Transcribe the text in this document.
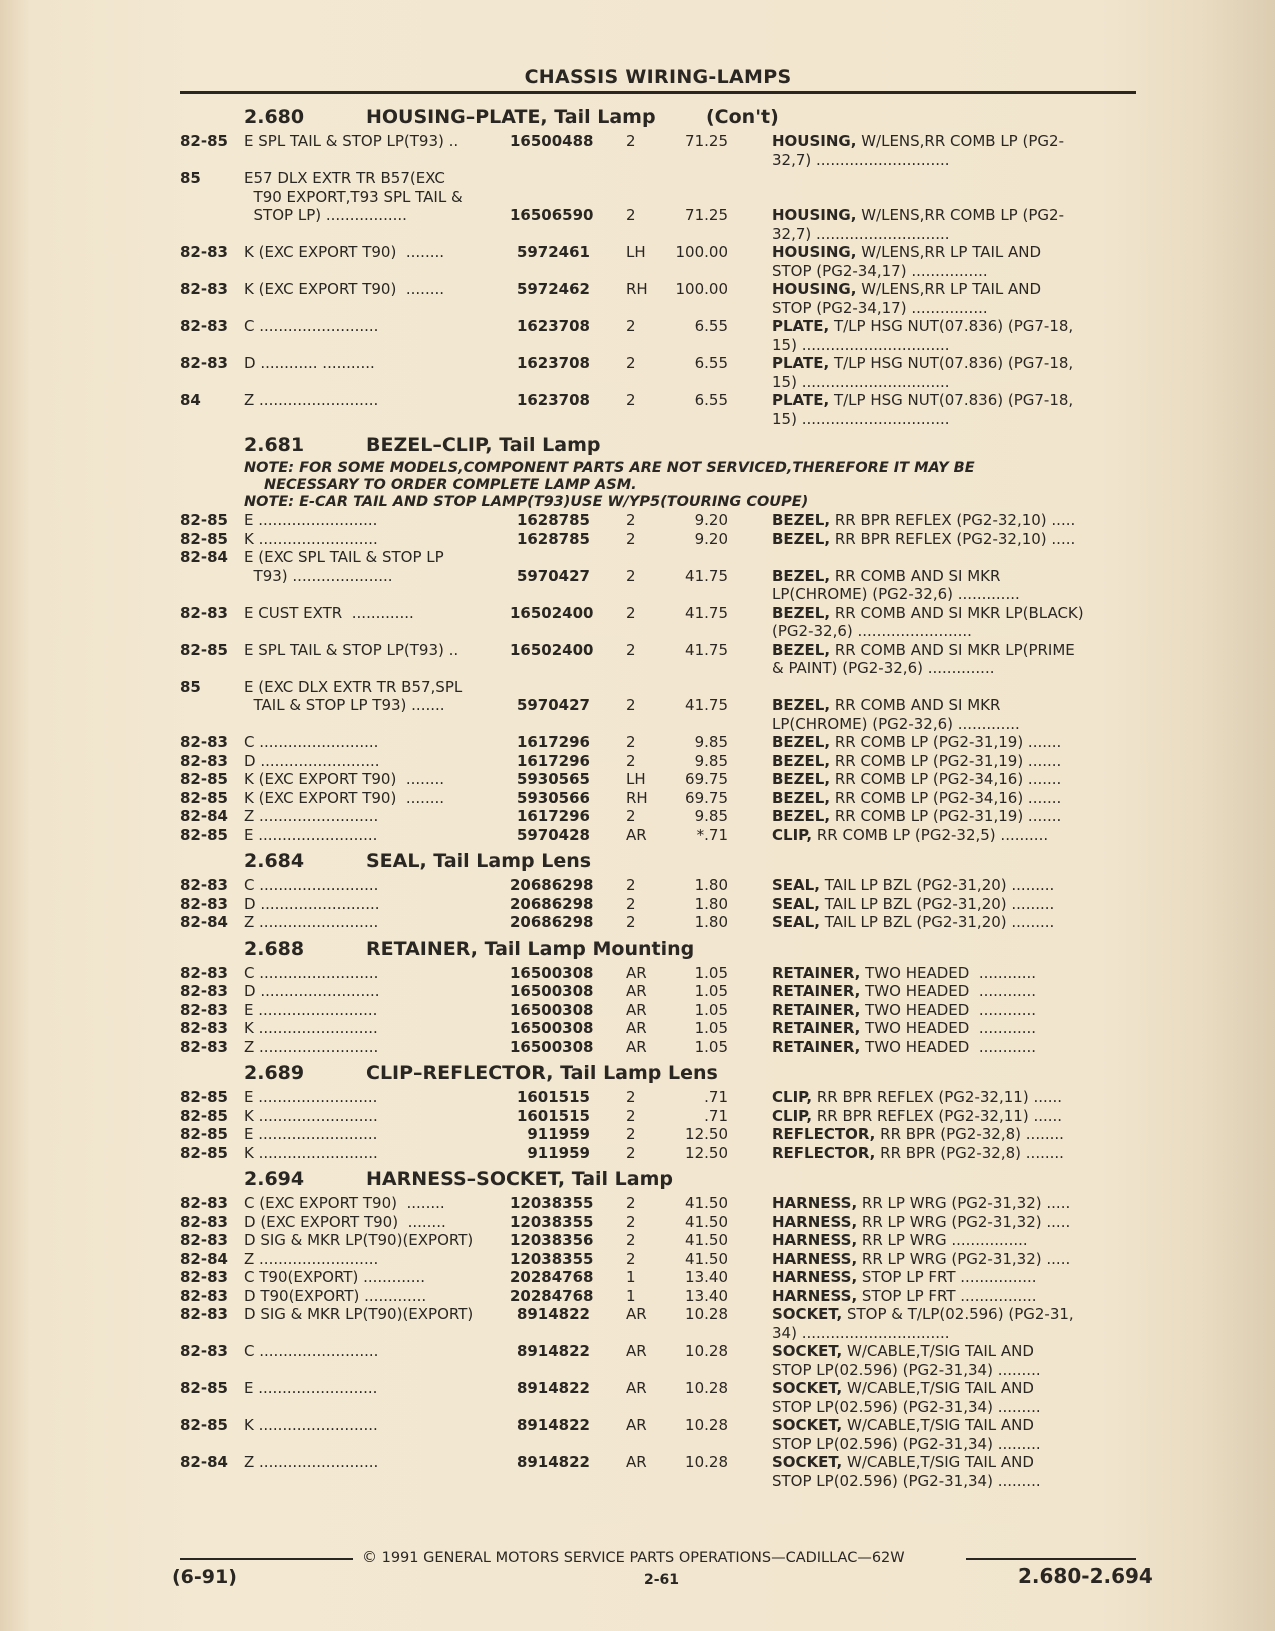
CHASSIS WIRING-LAMPS
2.680	HOUSING–PLATE, Tail Lamp	(Con't)
82-85	E SPL TAIL & STOP LP(T93) ..	16500488 2	71.25	HOUSING, W/LENS,RR COMB LP (PG2-
32,7) ............................
85	E57 DLX EXTR TR B57(EXC
T90 EXPORT,T93 SPL TAIL &
STOP LP) .................	16506590 2	71.25	HOUSING, W/LENS,RR COMB LP (PG2-
32,7) ............................
82-83	K (EXC EXPORT T90)  ........	5972461 LH	100.00	HOUSING, W/LENS,RR LP TAIL AND
STOP (PG2-34,17) ................
82-83	K (EXC EXPORT T90)  ........	5972462 RH	100.00	HOUSING, W/LENS,RR LP TAIL AND
STOP (PG2-34,17) ................
82-83	C .........................	1623708 2	6.55	PLATE, T/LP HSG NUT(07.836) (PG7-18,
15) ...............................
82-83	D ............ ...........	1623708 2	6.55	PLATE, T/LP HSG NUT(07.836) (PG7-18,
15) ...............................
84	Z .........................	1623708 2	6.55	PLATE, T/LP HSG NUT(07.836) (PG7-18,
15) ...............................
2.681	BEZEL–CLIP, Tail Lamp
NOTE: FOR SOME MODELS,COMPONENT PARTS ARE NOT SERVICED,THEREFORE IT MAY BE
NECESSARY TO ORDER COMPLETE LAMP ASM.
NOTE: E-CAR TAIL AND STOP LAMP(T93)USE W/YP5(TOURING COUPE)
82-85	E .........................	1628785 2	9.20	BEZEL, RR BPR REFLEX (PG2-32,10) .....
82-85	K .........................	1628785 2	9.20	BEZEL, RR BPR REFLEX (PG2-32,10) .....
82-84	E (EXC SPL TAIL & STOP LP
T93) .....................	5970427 2	41.75	BEZEL, RR COMB AND SI MKR
LP(CHROME) (PG2-32,6) .............
82-83	E CUST EXTR  .............	16502400 2	41.75	BEZEL, RR COMB AND SI MKR LP(BLACK)
(PG2-32,6) ........................
82-85	E SPL TAIL & STOP LP(T93) ..	16502400 2	41.75	BEZEL, RR COMB AND SI MKR LP(PRIME
& PAINT) (PG2-32,6) ..............
85	E (EXC DLX EXTR TR B57,SPL
TAIL & STOP LP T93) .......	5970427 2	41.75	BEZEL, RR COMB AND SI MKR
LP(CHROME) (PG2-32,6) .............
82-83	C .........................	1617296 2	9.85	BEZEL, RR COMB LP (PG2-31,19) .......
82-83	D .........................	1617296 2	9.85	BEZEL, RR COMB LP (PG2-31,19) .......
82-85	K (EXC EXPORT T90)  ........	5930565 LH	69.75	BEZEL, RR COMB LP (PG2-34,16) .......
82-85	K (EXC EXPORT T90)  ........	5930566 RH	69.75	BEZEL, RR COMB LP (PG2-34,16) .......
82-84	Z .........................	1617296 2	9.85	BEZEL, RR COMB LP (PG2-31,19) .......
82-85	E .........................	5970428 AR	*.71	CLIP, RR COMB LP (PG2-32,5) ..........
2.684	SEAL, Tail Lamp Lens
82-83	C .........................	20686298 2	1.80	SEAL, TAIL LP BZL (PG2-31,20) .........
82-83	D .........................	20686298 2	1.80	SEAL, TAIL LP BZL (PG2-31,20) .........
82-84	Z .........................	20686298 2	1.80	SEAL, TAIL LP BZL (PG2-31,20) .........
2.688	RETAINER, Tail Lamp Mounting
82-83	C .........................	16500308 AR	1.05	RETAINER, TWO HEADED  ............
82-83	D .........................	16500308 AR	1.05	RETAINER, TWO HEADED  ............
82-83	E .........................	16500308 AR	1.05	RETAINER, TWO HEADED  ............
82-83	K .........................	16500308 AR	1.05	RETAINER, TWO HEADED  ............
82-83	Z .........................	16500308 AR	1.05	RETAINER, TWO HEADED  ............
2.689	CLIP–REFLECTOR, Tail Lamp Lens
82-85	E .........................	1601515 2	.71	CLIP, RR BPR REFLEX (PG2-32,11) ......
82-85	K .........................	1601515 2	.71	CLIP, RR BPR REFLEX (PG2-32,11) ......
82-85	E .........................	911959 2	12.50	REFLECTOR, RR BPR (PG2-32,8) ........
82-85	K .........................	911959 2	12.50	REFLECTOR, RR BPR (PG2-32,8) ........
2.694	HARNESS–SOCKET, Tail Lamp
82-83	C (EXC EXPORT T90)  ........	12038355 2	41.50	HARNESS, RR LP WRG (PG2-31,32) .....
82-83	D (EXC EXPORT T90)  ........	12038355 2	41.50	HARNESS, RR LP WRG (PG2-31,32) .....
82-83	D SIG & MKR LP(T90)(EXPORT)	12038356 2	41.50	HARNESS, RR LP WRG ................
82-84	Z .........................	12038355 2	41.50	HARNESS, RR LP WRG (PG2-31,32) .....
82-83	C T90(EXPORT) .............	20284768 1	13.40	HARNESS, STOP LP FRT ................
82-83	D T90(EXPORT) .............	20284768 1	13.40	HARNESS, STOP LP FRT ................
82-83	D SIG & MKR LP(T90)(EXPORT)	8914822 AR	10.28	SOCKET, STOP & T/LP(02.596) (PG2-31,
34) ...............................
82-83	C .........................	8914822 AR	10.28	SOCKET, W/CABLE,T/SIG TAIL AND
STOP LP(02.596) (PG2-31,34) .........
82-85	E .........................	8914822 AR	10.28	SOCKET, W/CABLE,T/SIG TAIL AND
STOP LP(02.596) (PG2-31,34) .........
82-85	K .........................	8914822 AR	10.28	SOCKET, W/CABLE,T/SIG TAIL AND
STOP LP(02.596) (PG2-31,34) .........
82-84	Z .........................	8914822 AR	10.28	SOCKET, W/CABLE,T/SIG TAIL AND
STOP LP(02.596) (PG2-31,34) .........
© 1991 GENERAL MOTORS SERVICE PARTS OPERATIONS—CADILLAC—62W
(6-91)	2-61	2.680-2.694
